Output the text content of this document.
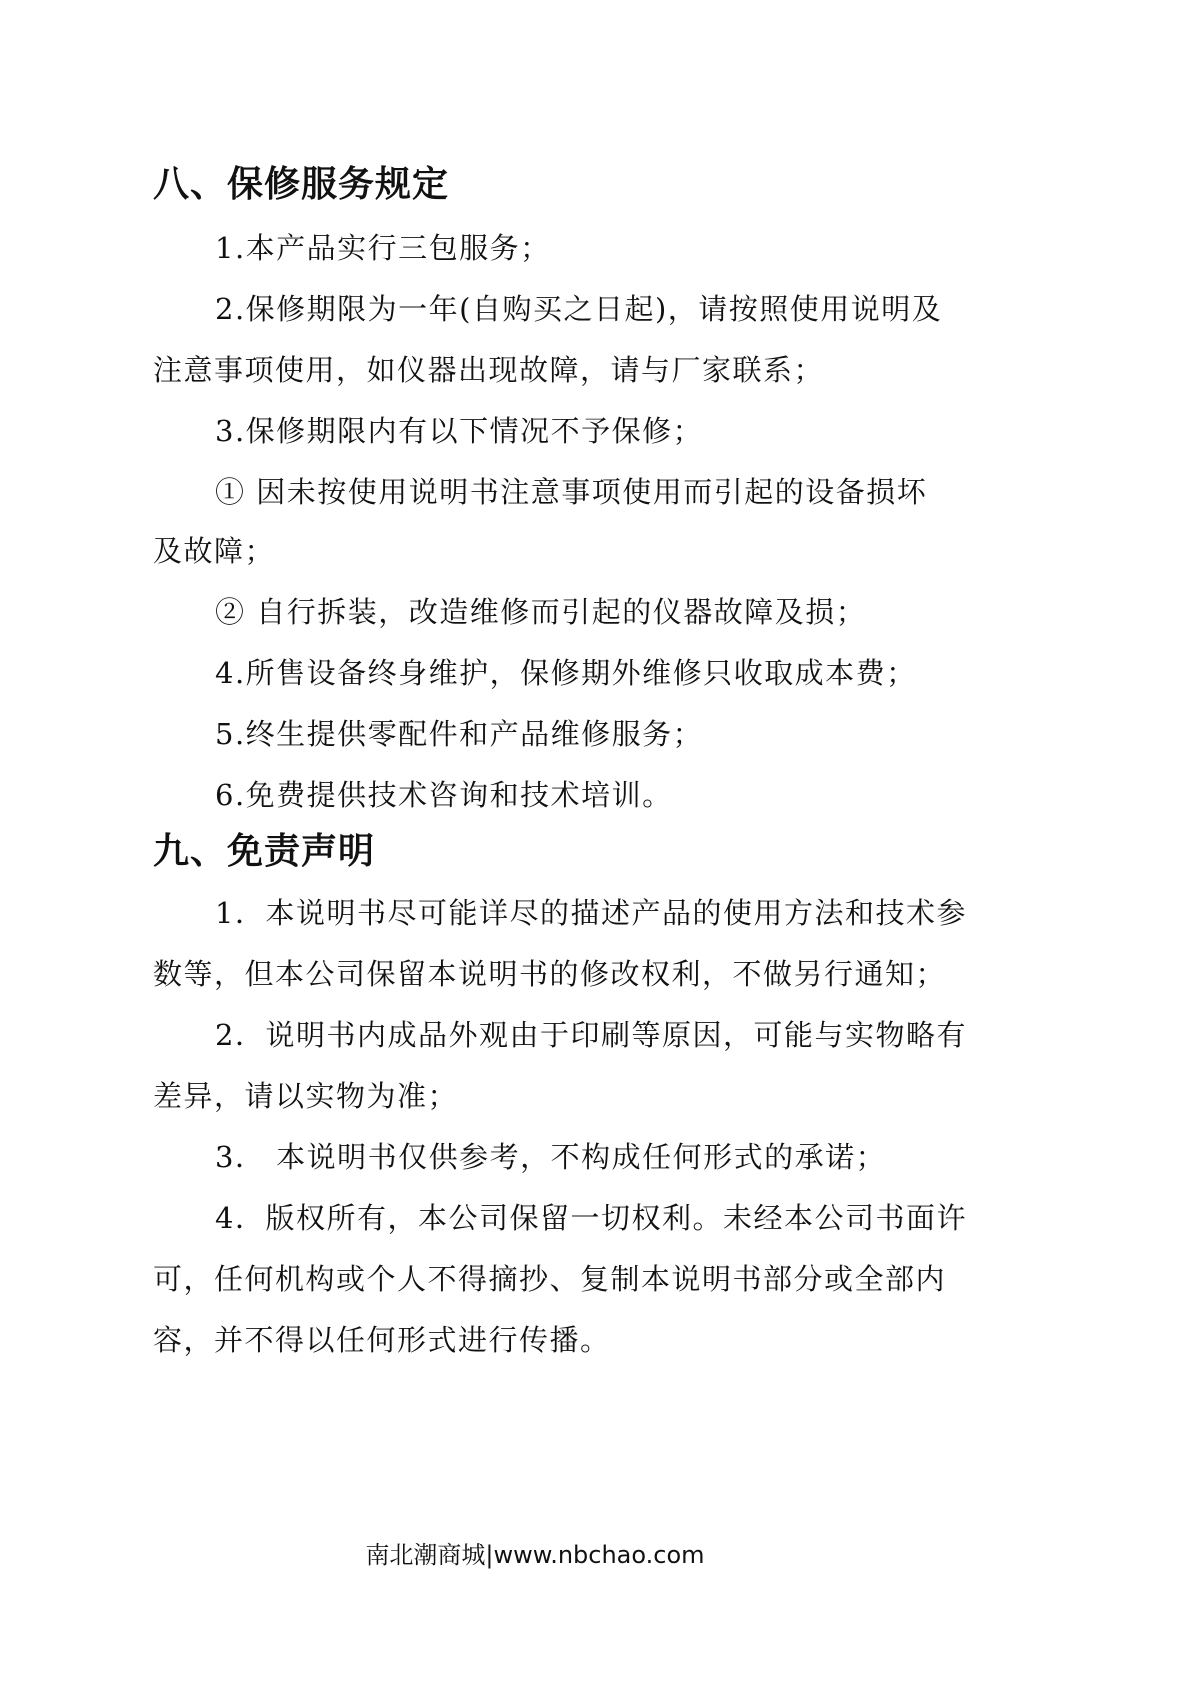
八、保修服务规定
1.本产品实行三包服务；
2.保修期限为一年(自购买之日起)，请按照使用说明及
注意事项使用，如仪器出现故障，请与厂家联系；
3.保修期限内有以下情况不予保修；
① 因未按使用说明书注意事项使用而引起的设备损坏
及故障；
② 自行拆装，改造维修而引起的仪器故障及损；
4.所售设备终身维护，保修期外维修只收取成本费；
5.终生提供零配件和产品维修服务；
6.免费提供技术咨询和技术培训。
九、免责声明
1．本说明书尽可能详尽的描述产品的使用方法和技术参
数等，但本公司保留本说明书的修改权利，不做另行通知；
2．说明书内成品外观由于印刷等原因，可能与实物略有
差异，请以实物为准；
3． 本说明书仅供参考，不构成任何形式的承诺；
4．版权所有，本公司保留一切权利。未经本公司书面许
可，任何机构或个人不得摘抄、复制本说明书部分或全部内
容，并不得以任何形式进行传播。
南北潮商城|www.nbchao.com
